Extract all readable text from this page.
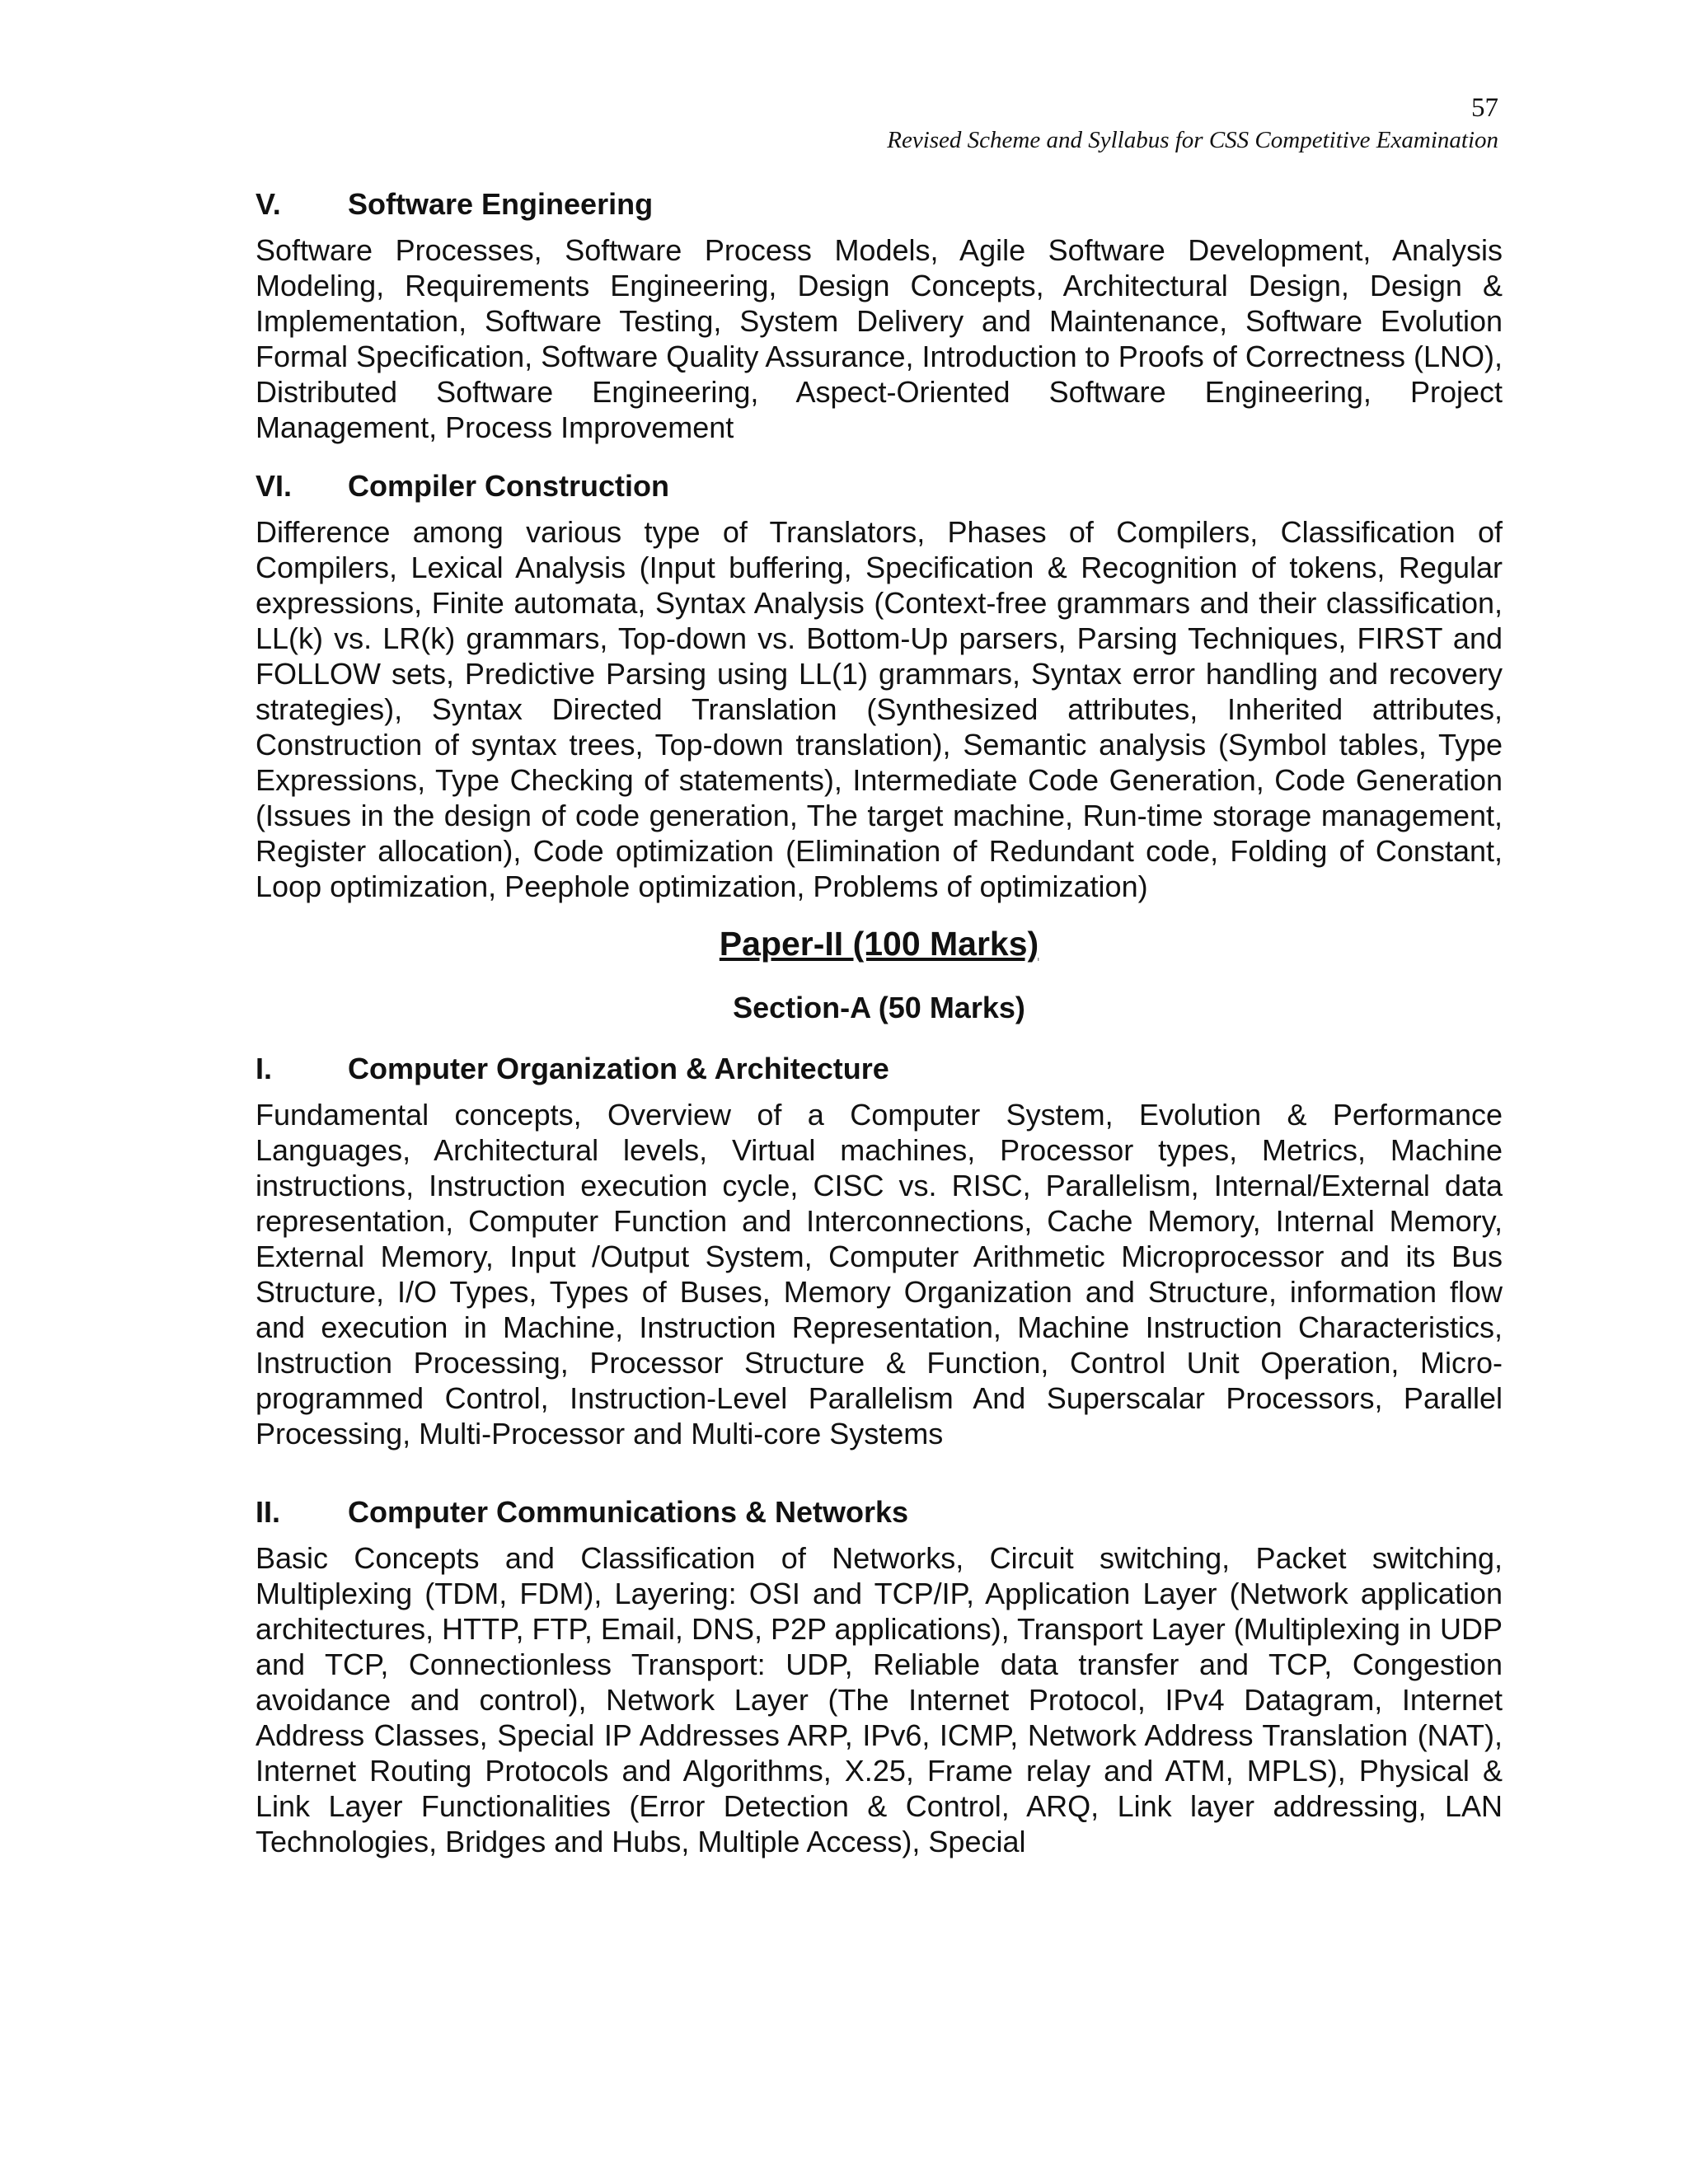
57
Revised Scheme and Syllabus for CSS Competitive Examination
V.	Software Engineering
Software Processes, Software Process Models, Agile Software Development, Analysis Modeling, Requirements Engineering, Design Concepts, Architectural Design, Design & Implementation, Software Testing, System Delivery and Maintenance, Software Evolution Formal Specification, Software Quality Assurance, Introduction to Proofs of Correctness (LNO), Distributed Software Engineering, Aspect-Oriented Software Engineering, Project Management, Process Improvement
VI.	Compiler Construction
Difference among various type of Translators, Phases of Compilers, Classification of Compilers, Lexical Analysis (Input buffering, Specification & Recognition of tokens, Regular expressions, Finite automata, Syntax Analysis (Context-free grammars and their classification, LL(k) vs. LR(k) grammars, Top-down vs. Bottom-Up parsers, Parsing Techniques, FIRST and FOLLOW sets, Predictive Parsing using LL(1) grammars, Syntax error handling and recovery strategies), Syntax Directed Translation (Synthesized attributes, Inherited attributes, Construction of syntax trees, Top-down translation), Semantic analysis (Symbol tables, Type Expressions, Type Checking of statements), Intermediate Code Generation, Code Generation (Issues in the design of code generation, The target machine, Run-time storage management, Register allocation), Code optimization (Elimination of Redundant code, Folding of Constant, Loop optimization, Peephole optimization, Problems of optimization)
Paper-II (100 Marks)
Section-A (50 Marks)
I.	Computer Organization & Architecture
Fundamental concepts, Overview of a Computer System, Evolution & Performance Languages, Architectural levels, Virtual machines, Processor types, Metrics, Machine instructions, Instruction execution cycle, CISC vs. RISC, Parallelism, Internal/External data representation, Computer Function and Interconnections, Cache Memory, Internal Memory, External Memory, Input /Output System, Computer Arithmetic Microprocessor and its Bus Structure, I/O Types, Types of Buses, Memory Organization and Structure, information flow and execution in Machine, Instruction Representation, Machine Instruction Characteristics, Instruction Processing, Processor Structure & Function, Control Unit Operation, Micro-programmed Control, Instruction-Level Parallelism And Superscalar Processors, Parallel Processing, Multi-Processor and Multi-core Systems
II.	Computer Communications & Networks
Basic Concepts and Classification of Networks, Circuit switching, Packet switching, Multiplexing (TDM, FDM), Layering: OSI and TCP/IP, Application Layer (Network application architectures, HTTP, FTP, Email, DNS, P2P applications), Transport Layer (Multiplexing in UDP and TCP, Connectionless Transport: UDP, Reliable data transfer and TCP, Congestion avoidance and control), Network Layer (The Internet Protocol, IPv4 Datagram, Internet Address Classes, Special IP Addresses ARP, IPv6, ICMP, Network Address Translation (NAT), Internet Routing Protocols and Algorithms, X.25, Frame relay and ATM, MPLS), Physical & Link Layer Functionalities (Error Detection & Control, ARQ, Link layer addressing, LAN Technologies, Bridges and Hubs, Multiple Access), Special
